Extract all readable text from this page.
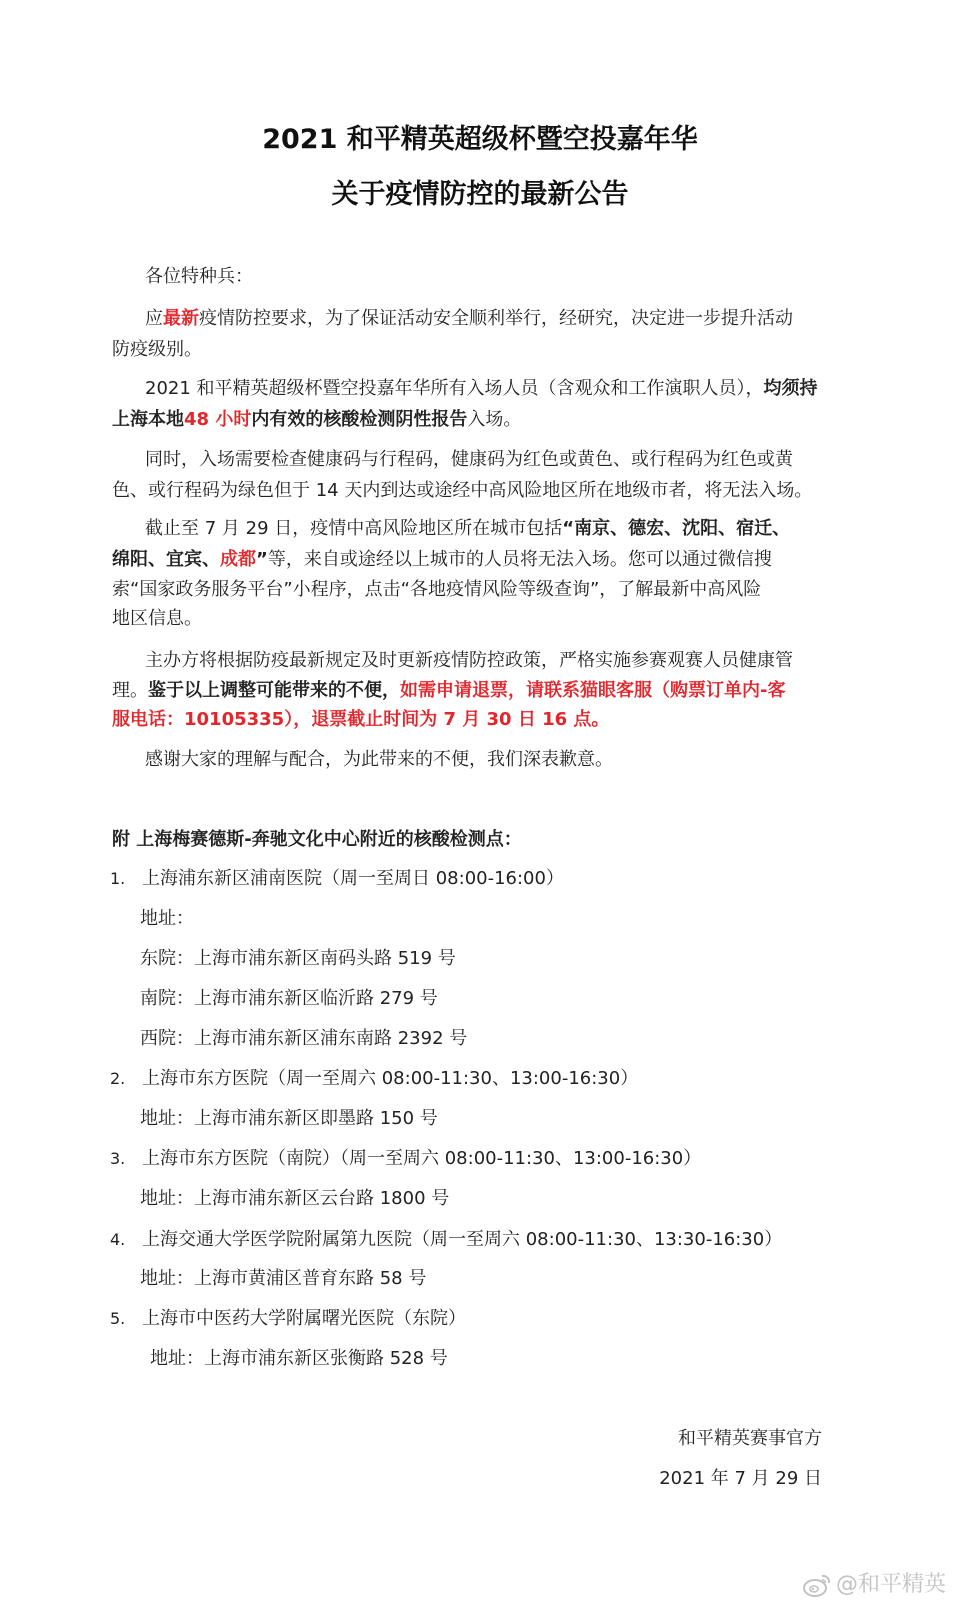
2021 和平精英超级杯暨空投嘉年华
关于疫情防控的最新公告

各位特种兵：

应最新疫情防控要求，为了保证活动安全顺利举行，经研究，决定进一步提升活动

防疫级别。

2021 和平精英超级杯暨空投嘉年华所有入场人员（含观众和工作演职人员），均须持

上海本地48 小时内有效的核酸检测阴性报告入场。

同时，入场需要检查健康码与行程码，健康码为红色或黄色、或行程码为红色或黄

色、或行程码为绿色但于 14 天内到达或途经中高风险地区所在地级市者，将无法入场。

截止至 7 月 29 日，疫情中高风险地区所在城市包括“南京、德宏、沈阳、宿迁、

绵阳、宜宾、成都”等，来自或途经以上城市的人员将无法入场。您可以通过微信搜

索“国家政务服务平台”小程序，点击“各地疫情风险等级查询”，了解最新中高风险

地区信息。

主办方将根据防疫最新规定及时更新疫情防控政策，严格实施参赛观赛人员健康管

理。鉴于以上调整可能带来的不便，如需申请退票，请联系猫眼客服（购票订单内-客

服电话：10105335），退票截止时间为 7 月 30 日 16 点。

感谢大家的理解与配合，为此带来的不便，我们深表歉意。

附 上海梅赛德斯-奔驰文化中心附近的核酸检测点：

1. 上海浦东新区浦南医院（周一至周日 08:00-16:00）
地址：
东院：上海市浦东新区南码头路 519 号
南院：上海市浦东新区临沂路 279 号
西院：上海市浦东新区浦东南路 2392 号
2. 上海市东方医院（周一至周六 08:00-11:30、13:00-16:30）
地址：上海市浦东新区即墨路 150 号
3. 上海市东方医院（南院）（周一至周六 08:00-11:30、13:00-16:30）
地址：上海市浦东新区云台路 1800 号
4. 上海交通大学医学院附属第九医院（周一至周六 08:00-11:30、13:30-16:30）
地址：上海市黄浦区普育东路 58 号
5. 上海市中医药大学附属曙光医院（东院）
地址：上海市浦东新区张衡路 528 号
和平精英赛事官方
2021 年 7 月 29 日
@和平精英
